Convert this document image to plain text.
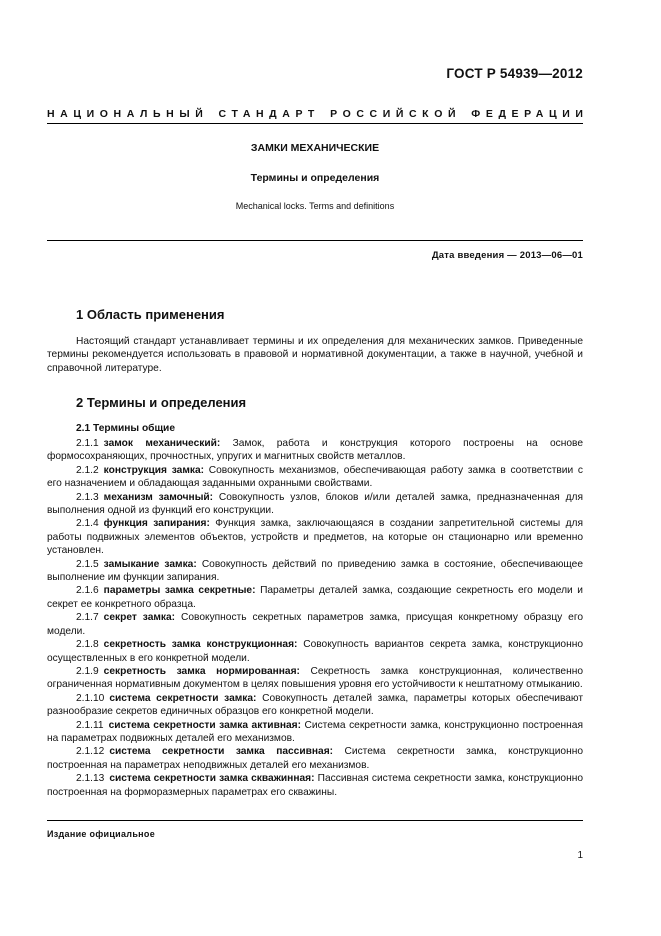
ГОСТ Р 54939—2012
НАЦИОНАЛЬНЫЙ СТАНДАРТ РОССИЙСКОЙ ФЕДЕРАЦИИ
ЗАМКИ МЕХАНИЧЕСКИЕ
Термины и определения
Mechanical locks. Terms and definitions
Дата введения — 2013—06—01
1 Область применения

Настоящий стандарт устанавливает термины и их определения для механических замков. Приведенные термины рекомендуется использовать в правовой и нормативной документации, а также в научной, учебной и справочной литературе.

2 Термины и определения
2.1 Термины общие

2.1.1 замок механический: Замок, работа и конструкция которого построены на основе формосохраняющих, прочностных, упругих и магнитных свойств металлов.

2.1.2 конструкция замка: Совокупность механизмов, обеспечивающая работу замка в соответствии с его назначением и обладающая заданными охранными свойствами.

2.1.3 механизм замочный: Совокупность узлов, блоков и/или деталей замка, предназначенная для выполнения одной из функций его конструкции.

2.1.4 функция запирания: Функция замка, заключающаяся в создании запретительной системы для работы подвижных элементов объектов, устройств и предметов, на которые он стационарно или временно установлен.

2.1.5 замыкание замка: Совокупность действий по приведению замка в состояние, обеспечивающее выполнение им функции запирания.

2.1.6 параметры замка секретные: Параметры деталей замка, создающие секретность его модели и секрет ее конкретного образца.

2.1.7 секрет замка: Совокупность секретных параметров замка, присущая конкретному образцу его модели.

2.1.8 секретность замка конструкционная: Совокупность вариантов секрета замка, конструкционно осуществленных в его конкретной модели.

2.1.9 секретность замка нормированная: Секретность замка конструкционная, количественно ограниченная нормативным документом в целях повышения уровня его устойчивости к нештатному отмыканию.

2.1.10 система секретности замка: Совокупность деталей замка, параметры которых обеспечивают разнообразие секретов единичных образцов его конкретной модели.

2.1.11 система секретности замка активная: Система секретности замка, конструкционно построенная на параметрах подвижных деталей его механизмов.

2.1.12 система секретности замка пассивная: Система секретности замка, конструкционно построенная на параметрах неподвижных деталей его механизмов.

2.1.13 система секретности замка скважинная: Пассивная система секретности замка, конструкционно построенная на форморазмерных параметрах его скважины.

Издание официальное
1
